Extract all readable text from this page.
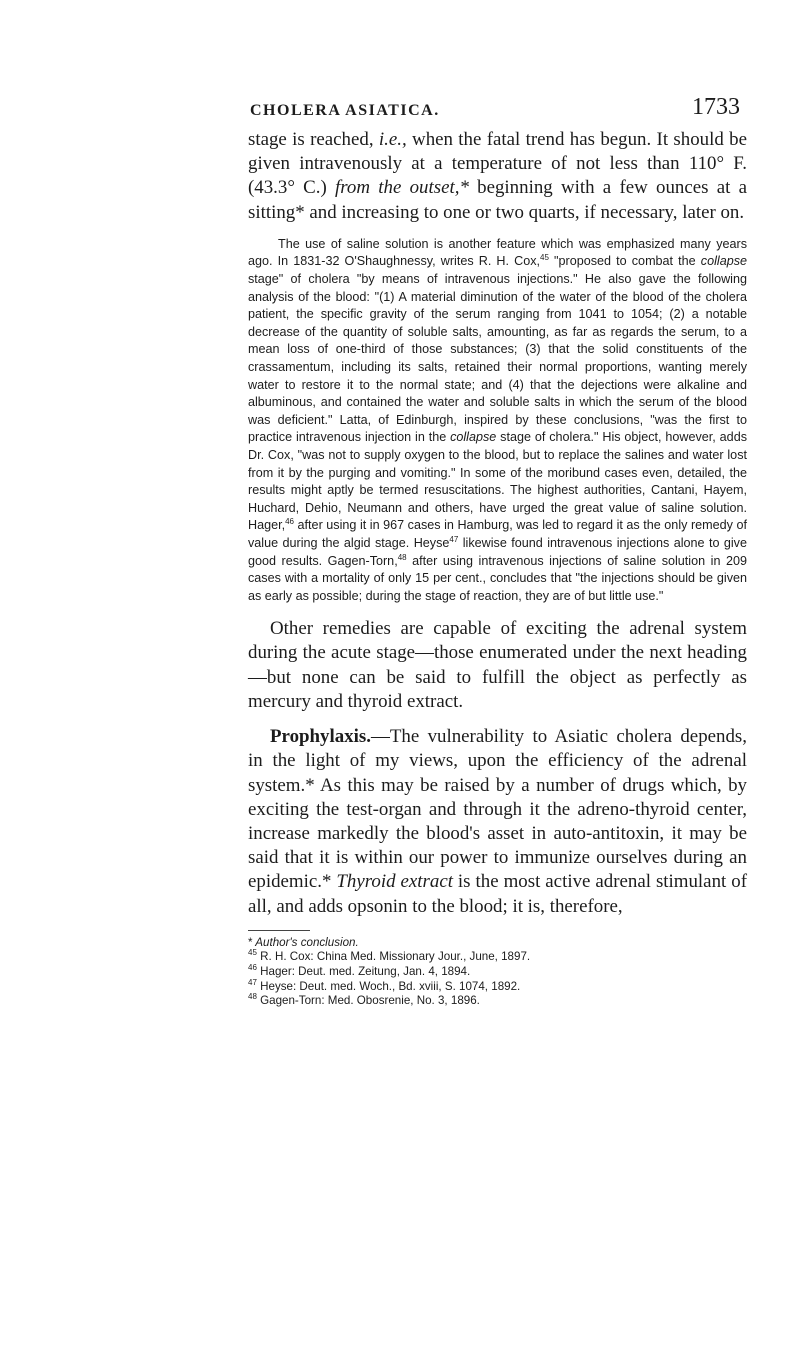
CHOLERA ASIATICA.	1733

stage is reached, i.e., when the fatal trend has begun. It should be given intravenously at a temperature of not less than 110° F. (43.3° C.) from the outset,* beginning with a few ounces at a sitting* and increasing to one or two quarts, if necessary, later on.

The use of saline solution is another feature which was emphasized many years ago. In 1831-32 O'Shaughnessy, writes R. H. Cox,$^{45}$ "proposed to combat the collapse stage" of cholera "by means of intravenous injections." He also gave the following analysis of the blood: "(1) A material diminution of the water of the blood of the cholera patient, the specific gravity of the serum ranging from 1041 to 1054; (2) a notable decrease of the quantity of soluble salts, amounting, as far as regards the serum, to a mean loss of one-third of those substances; (3) that the solid constituents of the crassamentum, including its salts, retained their normal proportions, wanting merely water to restore it to the normal state; and (4) that the dejections were alkaline and albuminous, and contained the water and soluble salts in which the serum of the blood was deficient." Latta, of Edinburgh, inspired by these conclusions, "was the first to practice intravenous injection in the collapse stage of cholera." His object, however, adds Dr. Cox, "was not to supply oxygen to the blood, but to replace the salines and water lost from it by the purging and vomiting." In some of the moribund cases even, detailed, the results might aptly be termed resuscitations. The highest authorities, Cantani, Hayem, Huchard, Dehio, Neumann and others, have urged the great value of saline solution. Hager,$^{46}$ after using it in 967 cases in Hamburg, was led to regard it as the only remedy of value during the algid stage. Heyse$^{47}$ likewise found intravenous injections alone to give good results. Gagen-Torn,$^{48}$ after using intravenous injections of saline solution in 209 cases with a mortality of only 15 per cent., concludes that "the injections should be given as early as possible; during the stage of reaction, they are of but little use."

Other remedies are capable of exciting the adrenal system during the acute stage—those enumerated under the next heading—but none can be said to fulfill the object as perfectly as mercury and thyroid extract.

Prophylaxis.—The vulnerability to Asiatic cholera depends, in the light of my views, upon the efficiency of the adrenal system.* As this may be raised by a number of drugs which, by exciting the test-organ and through it the adreno-thyroid center, increase markedly the blood's asset in auto-antitoxin, it may be said that it is within our power to immunize ourselves during an epidemic.* Thyroid extract is the most active adrenal stimulant of all, and adds opsonin to the blood; it is, therefore,

* Author's conclusion.
$^{45}$ R. H. Cox: China Med. Missionary Jour., June, 1897.
$^{46}$ Hager: Deut. med. Zeitung, Jan. 4, 1894.
$^{47}$ Heyse: Deut. med. Woch., Bd. xviii, S. 1074, 1892.
$^{48}$ Gagen-Torn: Med. Obosrenie, No. 3, 1896.
